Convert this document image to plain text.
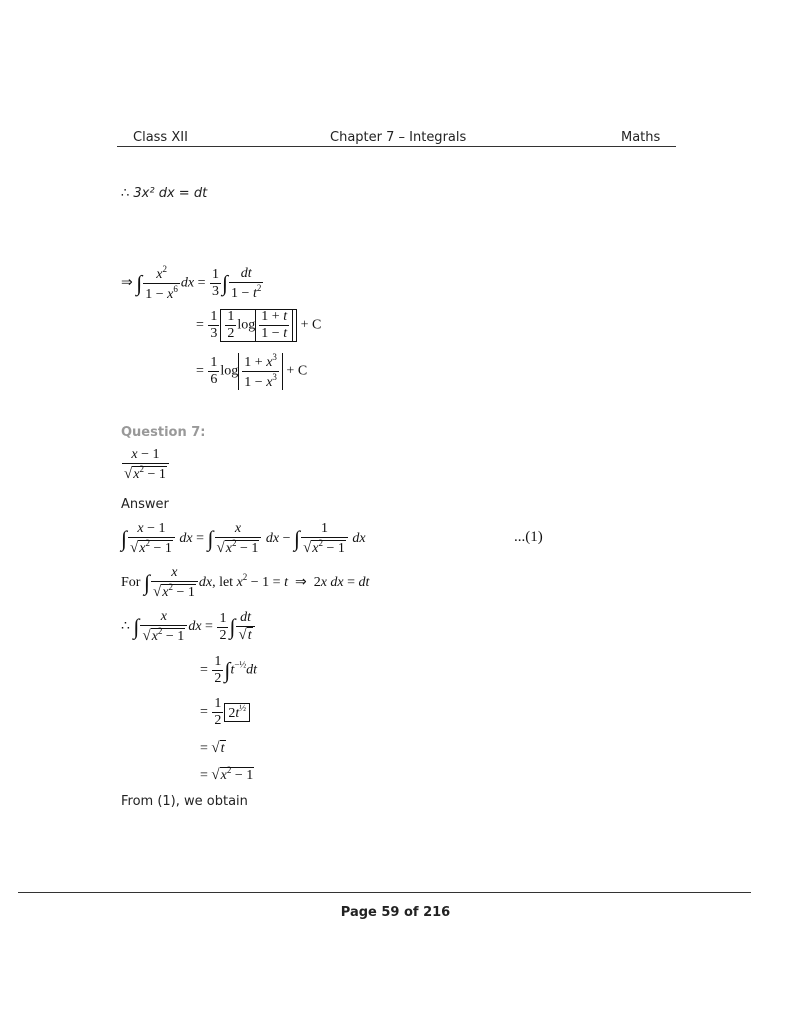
Class XII	Chapter 7 – Integrals	Maths
∴ 3x² dx = dt
⇒ ∫ $\frac{x^2}{1 - x^6}$ dx = $\frac{1}{3}$ ∫ $\frac{dt}{1 - t^2}$
= $\frac{1}{3} \frac{1}{2}$ $\log \frac{1 + t}{1 - t} + C$
= $\frac{1}{6}$ $\log \frac{1 + x^3}{1 - x^3} + C$
Question 7:
$\frac{x - 1}{√x^2 - 1}$
Answer
∫ $\frac{x - 1}{√x^2 - 1}$ dx = ∫ $\frac{x}{√x^2 - 1}$ dx − ∫ $\frac{1}{√x^2 - 1}$ dx	...(1)
For ∫ $\frac{x}{√x^2 - 1}$ dx, let $x^2 - 1 = t$  ⇒  2x dx = dt
∴ ∫ $\frac{x}{√x^2 - 1}$ dx = $\frac{1}{2}$ ∫ $\frac{dt}{√t}$
= $\frac{1}{2} \int t^{-\frac{1}{2}}dt$
= $\frac{1}{2} 2t^{\frac{1}{2}}$
= √t
= $√x^2 - 1$
From (1), we obtain
Page 59 of 216
